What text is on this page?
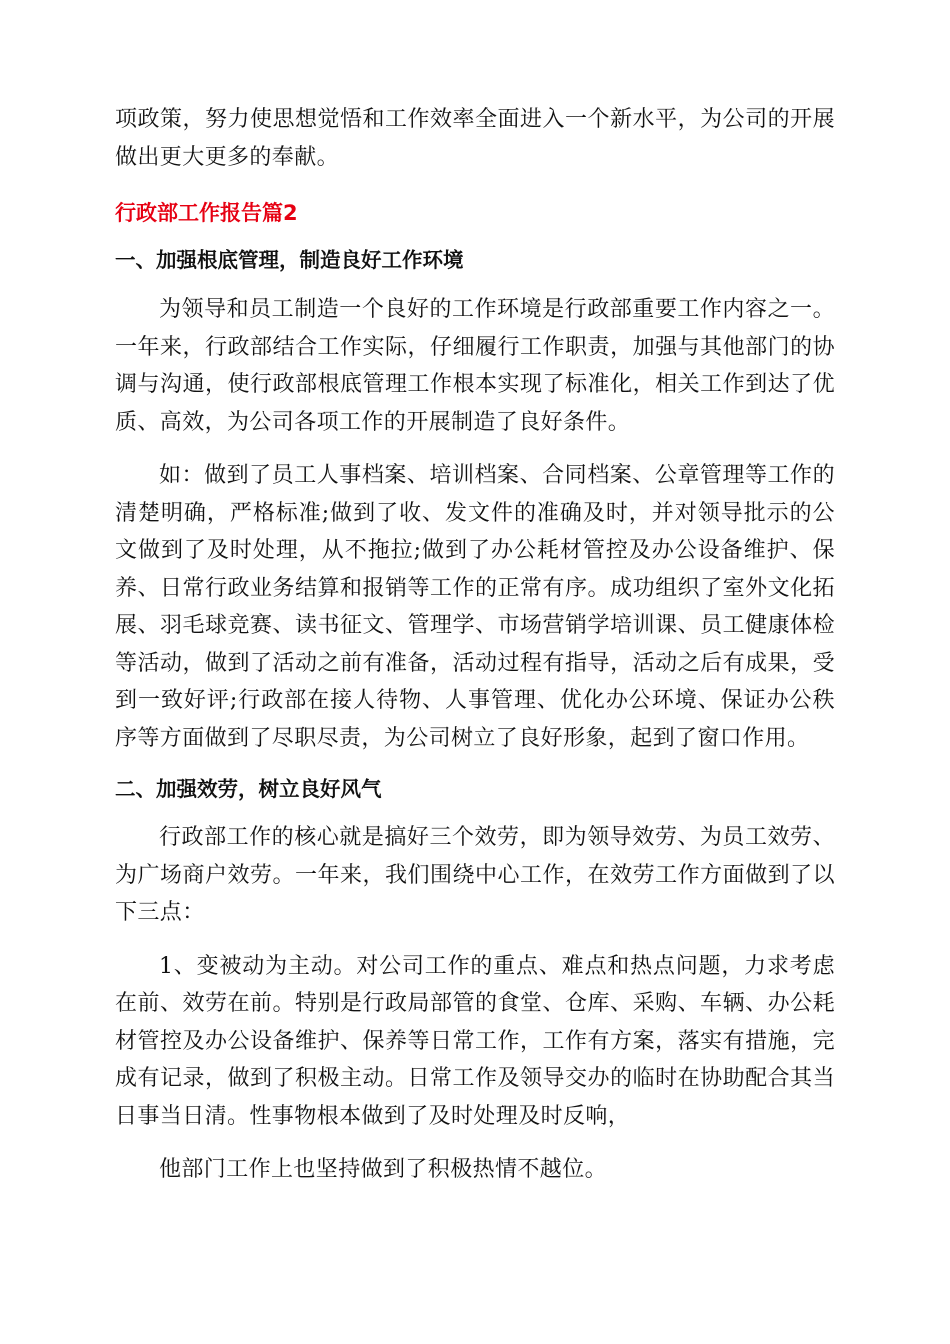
项政策，努力使思想觉悟和工作效率全面进入一个新水平，为公司的开展做出更大更多的奉献。

行政部工作报告篇2

一、加强根底管理，制造良好工作环境

为领导和员工制造一个良好的工作环境是行政部重要工作内容之一。一年来，行政部结合工作实际，仔细履行工作职责，加强与其他部门的协调与沟通，使行政部根底管理工作根本实现了标准化，相关工作到达了优质、高效，为公司各项工作的开展制造了良好条件。

如：做到了员工人事档案、培训档案、合同档案、公章管理等工作的清楚明确，严格标准;做到了收、发文件的准确及时，并对领导批示的公文做到了及时处理，从不拖拉;做到了办公耗材管控及办公设备维护、保养、日常行政业务结算和报销等工作的正常有序。成功组织了室外文化拓展、羽毛球竞赛、读书征文、管理学、市场营销学培训课、员工健康体检等活动，做到了活动之前有准备，活动过程有指导，活动之后有成果，受到一致好评;行政部在接人待物、人事管理、优化办公环境、保证办公秩序等方面做到了尽职尽责，为公司树立了良好形象，起到了窗口作用。

二、加强效劳，树立良好风气

行政部工作的核心就是搞好三个效劳，即为领导效劳、为员工效劳、为广场商户效劳。一年来，我们围绕中心工作，在效劳工作方面做到了以下三点：

1、变被动为主动。对公司工作的重点、难点和热点问题，力求考虑在前、效劳在前。特别是行政局部管的食堂、仓库、采购、车辆、办公耗材管控及办公设备维护、保养等日常工作，工作有方案，落实有措施，完成有记录，做到了积极主动。日常工作及领导交办的临时在协助配合其当日事当日清。性事物根本做到了及时处理及时反响，

他部门工作上也坚持做到了积极热情不越位。
